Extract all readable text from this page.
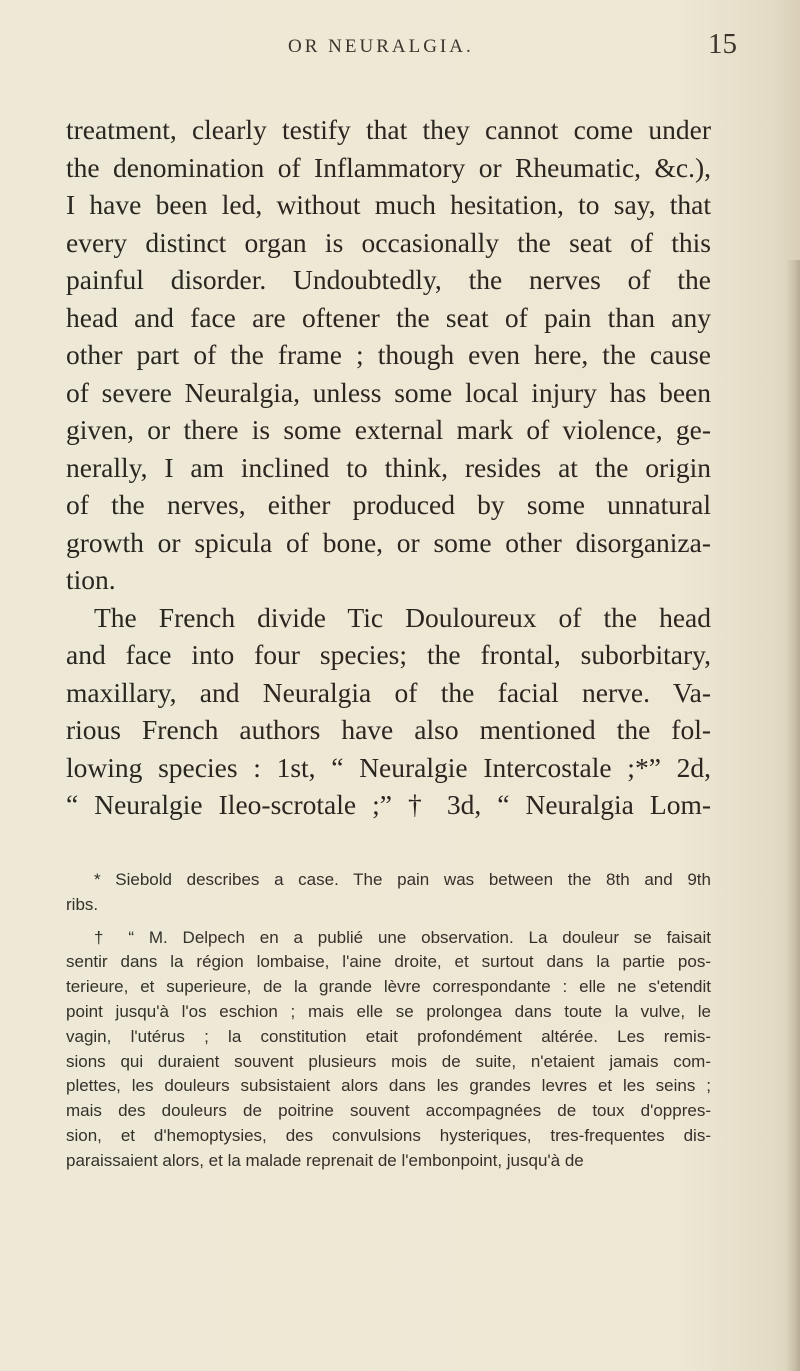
OR NEURALGIA.	15
treatment, clearly testify that they cannot come under
the denomination of Inflammatory or Rheumatic, &c.),
I have been led, without much hesitation, to say, that
every distinct organ is occasionally the seat of this
painful disorder. Undoubtedly, the nerves of the
head and face are oftener the seat of pain than any
other part of the frame ; though even here, the cause
of severe Neuralgia, unless some local injury has been
given, or there is some external mark of violence, ge-
nerally, I am inclined to think, resides at the origin
of the nerves, either produced by some unnatural
growth or spicula of bone, or some other disorganiza-
tion.
The French divide Tic Douloureux of the head
and face into four species; the frontal, suborbitary,
maxillary, and Neuralgia of the facial nerve. Va-
rious French authors have also mentioned the fol-
lowing species : 1st, “ Neuralgie Intercostale ;*” 2d,
“ Neuralgie Ileo-scrotale ;” † 3d, “ Neuralgia Lom-
* Siebold describes a case. The pain was between the 8th and 9th
ribs.
† “ M. Delpech en a publié une observation. La douleur se faisait
sentir dans la région lombaise, l'aine droite, et surtout dans la partie pos-
terieure, et superieure, de la grande lèvre correspondante : elle ne s'etendit
point jusqu'à l'os eschion ; mais elle se prolongea dans toute la vulve, le
vagin, l'utérus ; la constitution etait profondément altérée. Les remis-
sions qui duraient souvent plusieurs mois de suite, n'etaient jamais com-
plettes, les douleurs subsistaient alors dans les grandes levres et les seins ;
mais des douleurs de poitrine souvent accompagnées de toux d'oppres-
sion, et d'hemoptysies, des convulsions hysteriques, tres-frequentes dis-
paraissaient alors, et la malade reprenait de l'embonpoint, jusqu'à de
